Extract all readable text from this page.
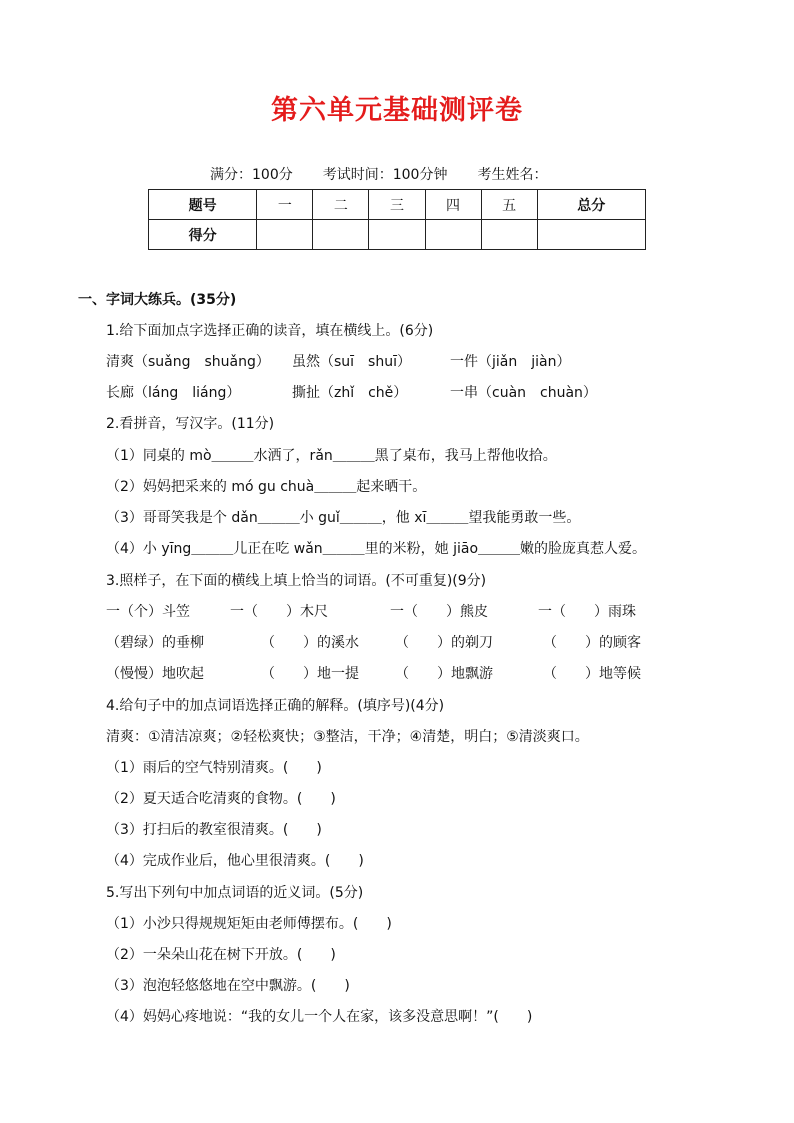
第六单元基础测评卷
满分：100分 考试时间：100分钟 考生姓名：
题号	一	二	三	四	五	总分
得分						
一、字词大练兵。(35分)
1.给下面加点字选择正确的读音，填在横线上。(6分)
清爽（suǎng　shuǎng） 虽然（suī　shuī）	一件（jiǎn　jiàn）
长廊（láng　liáng）	撕扯（zhǐ　chě）	一串（cuàn　chuàn）
2.看拼音，写汉字。(11分)
（1）同桌的 mò＿＿＿水洒了，rǎn＿＿＿黑了桌布，我马上帮他收拾。
（2）妈妈把采来的 mó gu chuà＿＿＿起来晒干。
（3）哥哥笑我是个 dǎn＿＿＿小 guǐ＿＿＿，他 xī＿＿＿望我能勇敢一些。
（4）小 yīng＿＿＿儿正在吃 wǎn＿＿＿里的米粉，她 jiāo＿＿＿嫩的脸庞真惹人爱。
3.照样子，在下面的横线上填上恰当的词语。(不可重复)(9分)
一（个）斗笠	一（　　）木尺	一（　　）熊皮	一（　　）雨珠
（碧绿）的垂柳	（　　）的溪水	（　　）的剃刀	（　　）的顾客
（慢慢）地吹起	（　　）地一提	（　　）地飘游	（　　）地等候
4.给句子中的加点词语选择正确的解释。(填序号)(4分)
清爽：①清洁凉爽；②轻松爽快；③整洁，干净；④清楚，明白；⑤清淡爽口。
（1）雨后的空气特别清爽。(　　)
（2）夏天适合吃清爽的食物。(　　)
（3）打扫后的教室很清爽。(　　)
（4）完成作业后，他心里很清爽。(　　)
5.写出下列句中加点词语的近义词。(5分)
（1）小沙只得规规矩矩由老师傅摆布。(　　)
（2）一朵朵山花在树下开放。(　　)
（3）泡泡轻悠悠地在空中飘游。(　　)
（4）妈妈心疼地说：“我的女儿一个人在家，该多没意思啊！”(　　)
